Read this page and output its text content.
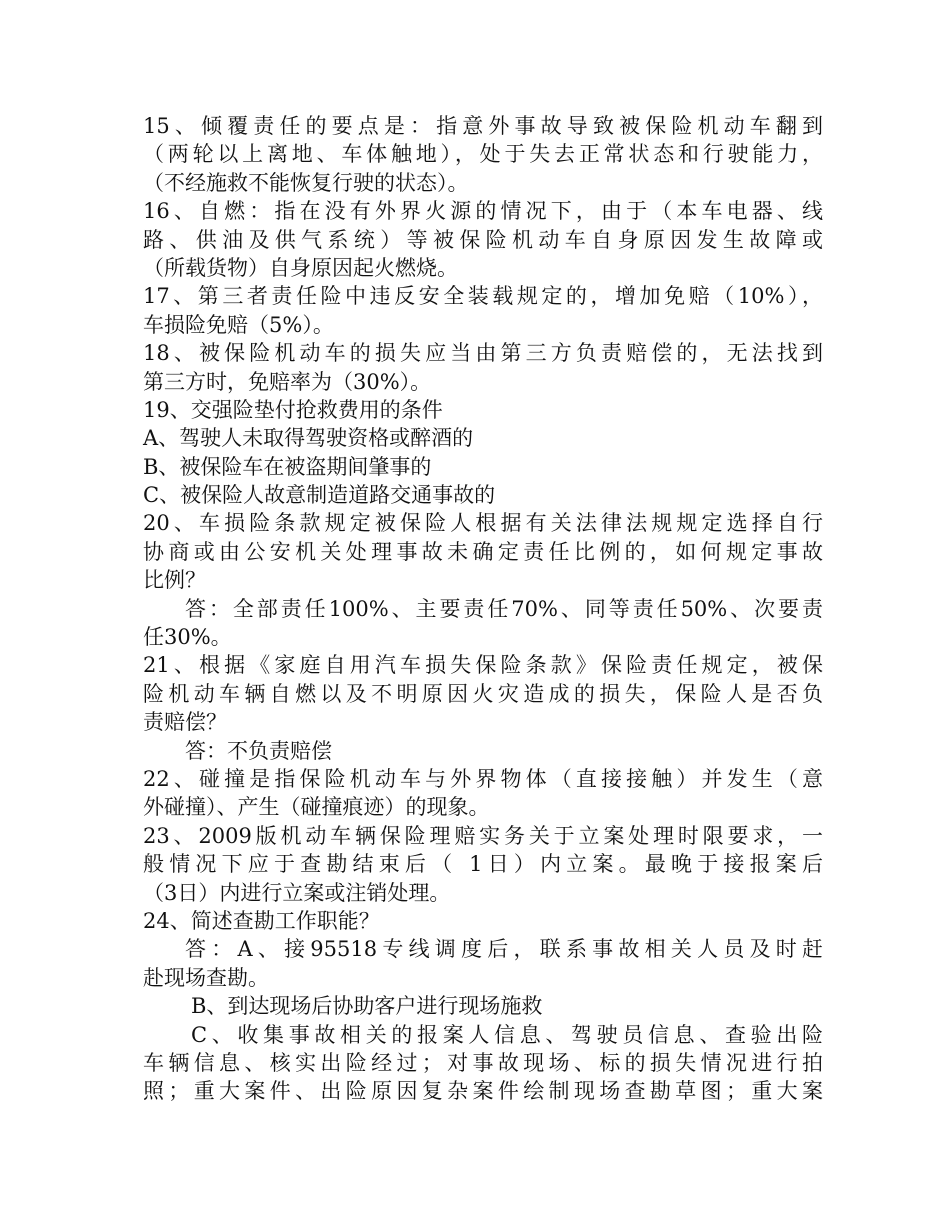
15、倾覆责任的要点是：指意外事故导致被保险机动车翻到
（两轮以上离地、车体触地），处于失去正常状态和行驶能力，
（不经施救不能恢复行驶的状态）。
16、自燃：指在没有外界火源的情况下，由于（本车电器、线
路、供油及供气系统）等被保险机动车自身原因发生故障或
（所载货物）自身原因起火燃烧。
17、第三者责任险中违反安全装载规定的，增加免赔（10%），
车损险免赔（5%）。
18、被保险机动车的损失应当由第三方负责赔偿的，无法找到
第三方时，免赔率为（30%）。
19、交强险垫付抢救费用的条件
A、驾驶人未取得驾驶资格或醉酒的
B、被保险车在被盗期间肇事的
C、被保险人故意制造道路交通事故的
20、车损险条款规定被保险人根据有关法律法规规定选择自行
协商或由公安机关处理事故未确定责任比例的，如何规定事故
比例？
答：全部责任100%、主要责任70%、同等责任50%、次要责
任30%。
21、根据《家庭自用汽车损失保险条款》保险责任规定，被保
险机动车辆自燃以及不明原因火灾造成的损失，保险人是否负
责赔偿？
答：不负责赔偿
22、碰撞是指保险机动车与外界物体（直接接触）并发生（意
外碰撞）、产生（碰撞痕迹）的现象。
23、2009版机动车辆保险理赔实务关于立案处理时限要求，一
般情况下应于查勘结束后（ 1日）内立案。最晚于接报案后
（3日）内进行立案或注销处理。
24、简述查勘工作职能？
答：A、接95518专线调度后，联系事故相关人员及时赶
赴现场查勘。
B、到达现场后协助客户进行现场施救
C、收集事故相关的报案人信息、驾驶员信息、查验出险
车辆信息、核实出险经过；对事故现场、标的损失情况进行拍
照；重大案件、出险原因复杂案件绘制现场查勘草图；重大案
